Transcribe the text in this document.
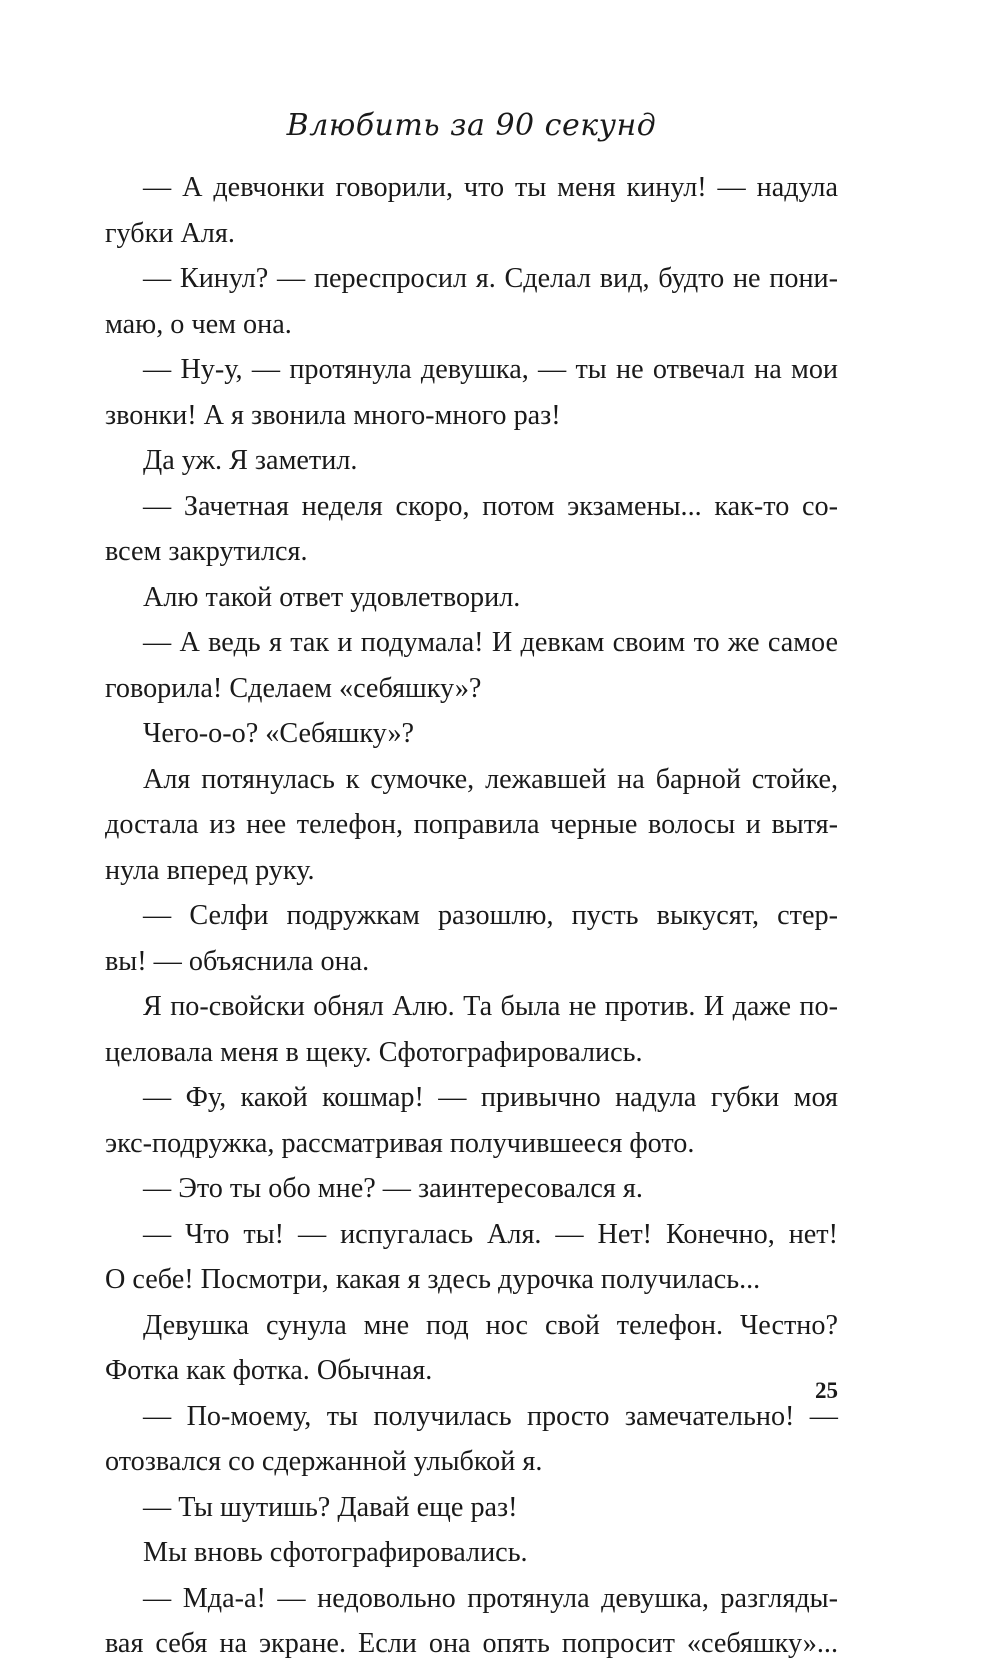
Влюбить за 90 секунд
— А девчонки говорили, что ты меня кинул! — надула
губки Аля.
— Кинул? — переспросил я. Сделал вид, будто не пони-
маю, о чем она.
— Ну-у, — протянула девушка, — ты не отвечал на мои
звонки! А я звонила много-много раз!
Да уж. Я заметил.
— Зачетная неделя скоро, потом экзамены... как-то со-
всем закрутился.
Алю такой ответ удовлетворил.
— А ведь я так и подумала! И девкам своим то же самое
говорила! Сделаем «себяшку»?
Чего-о-о? «Себяшку»?
Аля потянулась к сумочке, лежавшей на барной стойке,
достала из нее телефон, поправила черные волосы и вытя-
нула вперед руку.
— Селфи подружкам разошлю, пусть выкусят, стер-
вы! — объяснила она.
Я по-свойски обнял Алю. Та была не против. И даже по-
целовала меня в щеку. Сфотографировались.
— Фу, какой кошмар! — привычно надула губки моя
экс-подружка, рассматривая получившееся фото.
— Это ты обо мне? — заинтересовался я.
— Что ты! — испугалась Аля. — Нет! Конечно, нет!
О себе! Посмотри, какая я здесь дурочка получилась...
Девушка сунула мне под нос свой телефон. Честно?
Фотка как фотка. Обычная.
— По-моему, ты получилась просто замечательно! —
отозвался со сдержанной улыбкой я.
— Ты шутишь? Давай еще раз!
Мы вновь сфотографировались.
— Мда-а! — недовольно протянула девушка, разгляды-
вая себя на экране. Если она опять попросит «себяшку»...
25
